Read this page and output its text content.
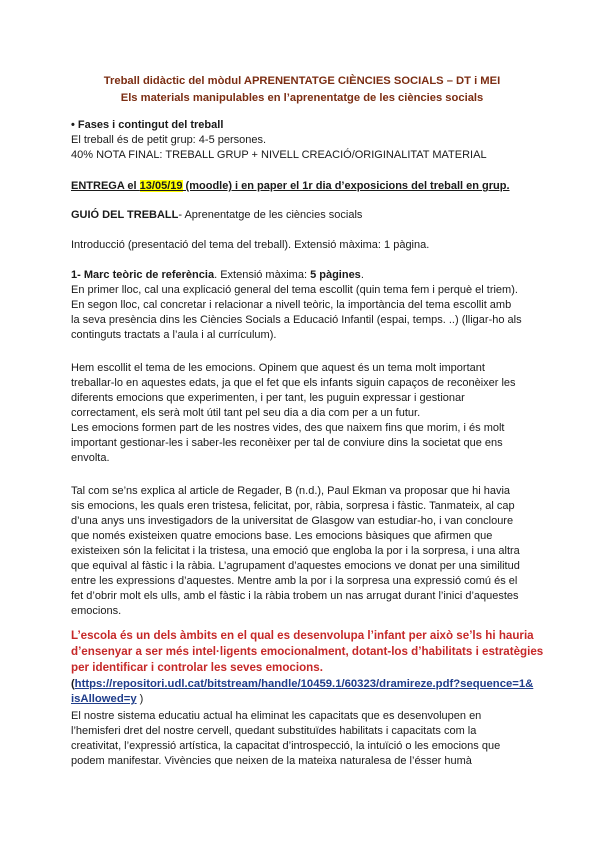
Treball didàctic del mòdul APRENENTATGE CIÈNCIES SOCIALS – DT i MEI
Els materials manipulables en l’aprenentatge de les ciències socials
• Fases i contingut del treball
El treball és de petit grup: 4-5 persones.
40% NOTA FINAL: TREBALL GRUP + NIVELL CREACIÓ/ORIGINALITAT MATERIAL
ENTREGA el 13/05/19 (moodle) i en paper el 1r dia d’exposicions del treball en grup.
GUIÓ DEL TREBALL- Aprenentatge de les ciències socials
Introducció (presentació del tema del treball). Extensió màxima: 1 pàgina.
1- Marc teòric de referència. Extensió màxima: 5 pàgines.
En primer lloc, cal una explicació general del tema escollit (quin tema fem i perquè el triem).
En segon lloc, cal concretar i relacionar a nivell teòric, la importància del tema escollit amb
la seva presència dins les Ciències Socials a Educació Infantil (espai, temps. ..) (lligar-ho als
continguts tractats a l’aula i al currículum).
Hem escollit el tema de les emocions. Opinem que aquest és un tema molt important
treballar-lo en aquestes edats, ja que el fet que els infants siguin capaços de reconèixer les
diferents emocions que experimenten, i per tant, les puguin expressar i gestionar
correctament, els serà molt útil tant pel seu dia a dia com per a un futur.
Les emocions formen part de les nostres vides, des que naixem fins que morim, i és molt
important gestionar-les i saber-les reconèixer per tal de conviure dins la societat que ens
envolta.
Tal com se’ns explica al article de Regader, B (n.d.), Paul Ekman va proposar que hi havia
sis emocions, les quals eren tristesa, felicitat, por, ràbia, sorpresa i fàstic. Tanmateix, al cap
d’una anys uns investigadors de la universitat de Glasgow van estudiar-ho, i van concloure
que només existeixen quatre emocions base. Les emocions bàsiques que afirmen que
existeixen són la felicitat i la tristesa, una emoció que engloba la por i la sorpresa, i una altra
que equival al fàstic i la ràbia. L’agrupament d’aquestes emocions ve donat per una similitud
entre les expressions d’aquestes. Mentre amb la por i la sorpresa una expressió comú és el
fet d’obrir molt els ulls, amb el fàstic i la ràbia trobem un nas arrugat durant l’inici d’aquestes
emocions.
L’escola és un dels àmbits en el qual es desenvolupa l’infant per això se’ls hi hauria
d’ensenyar a ser més intel·ligents emocionalment, dotant-los d’habilitats i estratègies
per identificar i controlar les seves emocions.
(https://repositori.udl.cat/bitstream/handle/10459.1/60323/dramireze.pdf?sequence=1&
isAllowed=y )
El nostre sistema educatiu actual ha eliminat les capacitats que es desenvolupen en
l’hemisferi dret del nostre cervell, quedant substituïdes habilitats i capacitats com la
creativitat, l’expressió artística, la capacitat d’introspecció, la intuïció o les emocions que
podem manifestar. Vivències que neixen de la mateixa naturalesa de l’ésser humà
